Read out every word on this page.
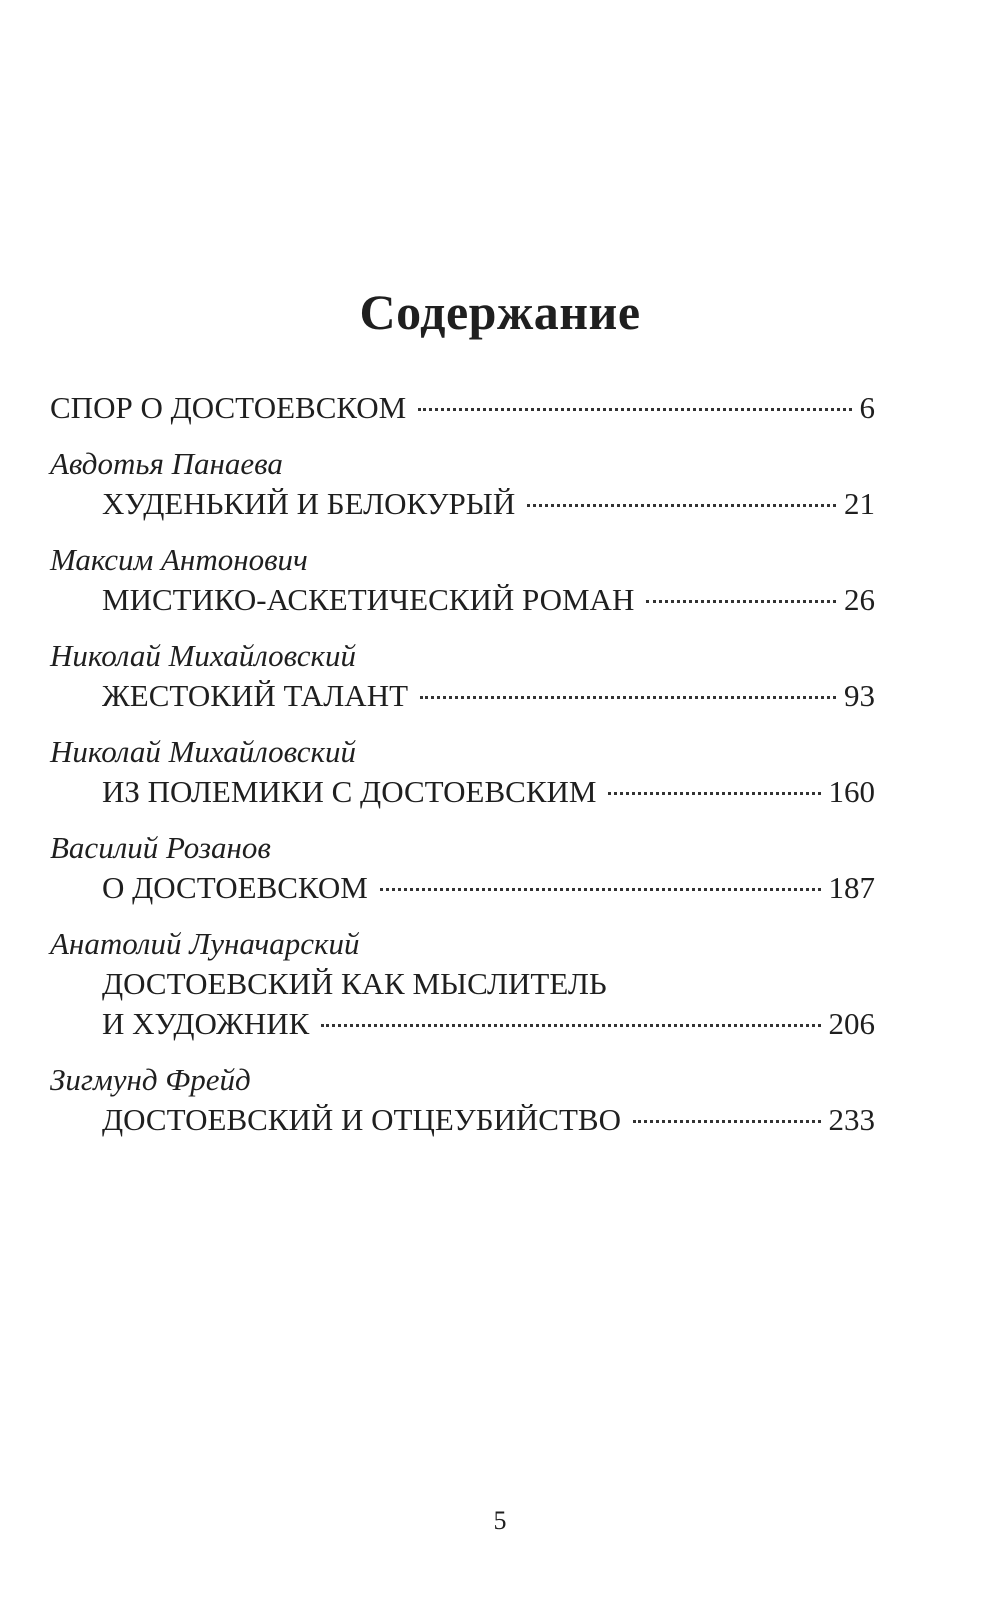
Содержание
СПОР О ДОСТОЕВСКОМ	6
Авдотья Панаева
ХУДЕНЬКИЙ И БЕЛОКУРЫЙ	21
Максим Антонович
МИСТИКО-АСКЕТИЧЕСКИЙ РОМАН	26
Николай Михайловский
ЖЕСТОКИЙ ТАЛАНТ	93
Николай Михайловский
ИЗ ПОЛЕМИКИ С ДОСТОЕВСКИМ	160
Василий Розанов
О ДОСТОЕВСКОМ	187
Анатолий Луначарский
ДОСТОЕВСКИЙ КАК МЫСЛИТЕЛЬ
И ХУДОЖНИК	206
Зигмунд Фрейд
ДОСТОЕВСКИЙ И ОТЦЕУБИЙСТВО	233
5
